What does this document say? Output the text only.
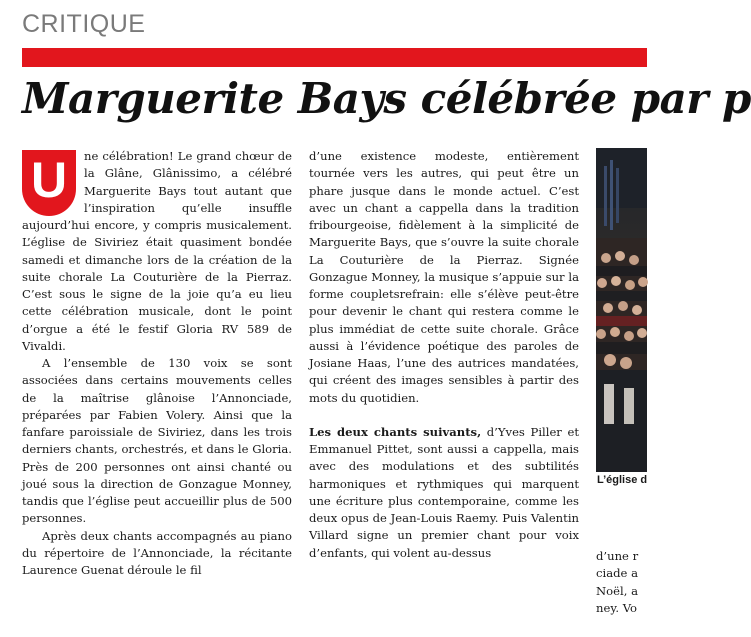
CRITIQUE
Marguerite Bays célébrée par p
U	ne célébration! Le grand chœur de la Glâne, Glânissimo, a célébré Marguerite Bays tout autant que l’inspiration qu’elle insuffle aujourd’hui encore, y compris musicalement. L’église de Siviriez était quasiment bondée samedi et dimanche lors de la création de la suite chorale La Couturière de la Pierraz. C’est sous le signe de la joie qu’a eu lieu cette célébration musicale, dont le point d’orgue a été le festif Gloria RV 589 de Vivaldi.

A l’ensemble de 130 voix se sont associées dans certains mouvements celles de la maîtrise glânoise l’Annonciade, préparées par Fabien Volery. Ainsi que la fanfare paroissiale de Siviriez, dans les trois derniers chants, orchestrés, et dans le Gloria. Près de 200 personnes ont ainsi chanté ou joué sous la direction de Gonzague Monney, tandis que l’église peut accueillir plus de 500 personnes.

Après deux chants accompagnés au piano du répertoire de l’Annonciade, la récitante Laurence Guenat déroule le fil

d’une existence modeste, entièrement tournée vers les autres, qui peut être un phare jusque dans le monde actuel. C’est avec un chant a cappella dans la tradition fribourgeoise, fidèlement à la simplicité de Marguerite Bays, que s’ouvre la suite chorale La Couturière de la Pierraz. Signée Gonzague Monney, la musique s’appuie sur la forme coupletsrefrain: elle s’élève peut-être pour devenir le chant qui restera comme le plus immédiat de cette suite chorale. Grâce aussi à l’évidence poétique des paroles de Josiane Haas, l’une des autrices mandatées, qui créent des images sensibles à partir des mots du quotidien.

Les deux chants suivants, d’Yves Piller et Emmanuel Pittet, sont aussi a cappella, mais avec des modulations et des subtilités harmoniques et rythmiques qui marquent une écriture plus contemporaine, comme les deux opus de Jean-Louis Raemy. Puis Valentin Villard signe un premier chant pour voix d’enfants, qui volent au-dessus

L’église d
d’une r
ciade a
Noël, a
ney. Vo
